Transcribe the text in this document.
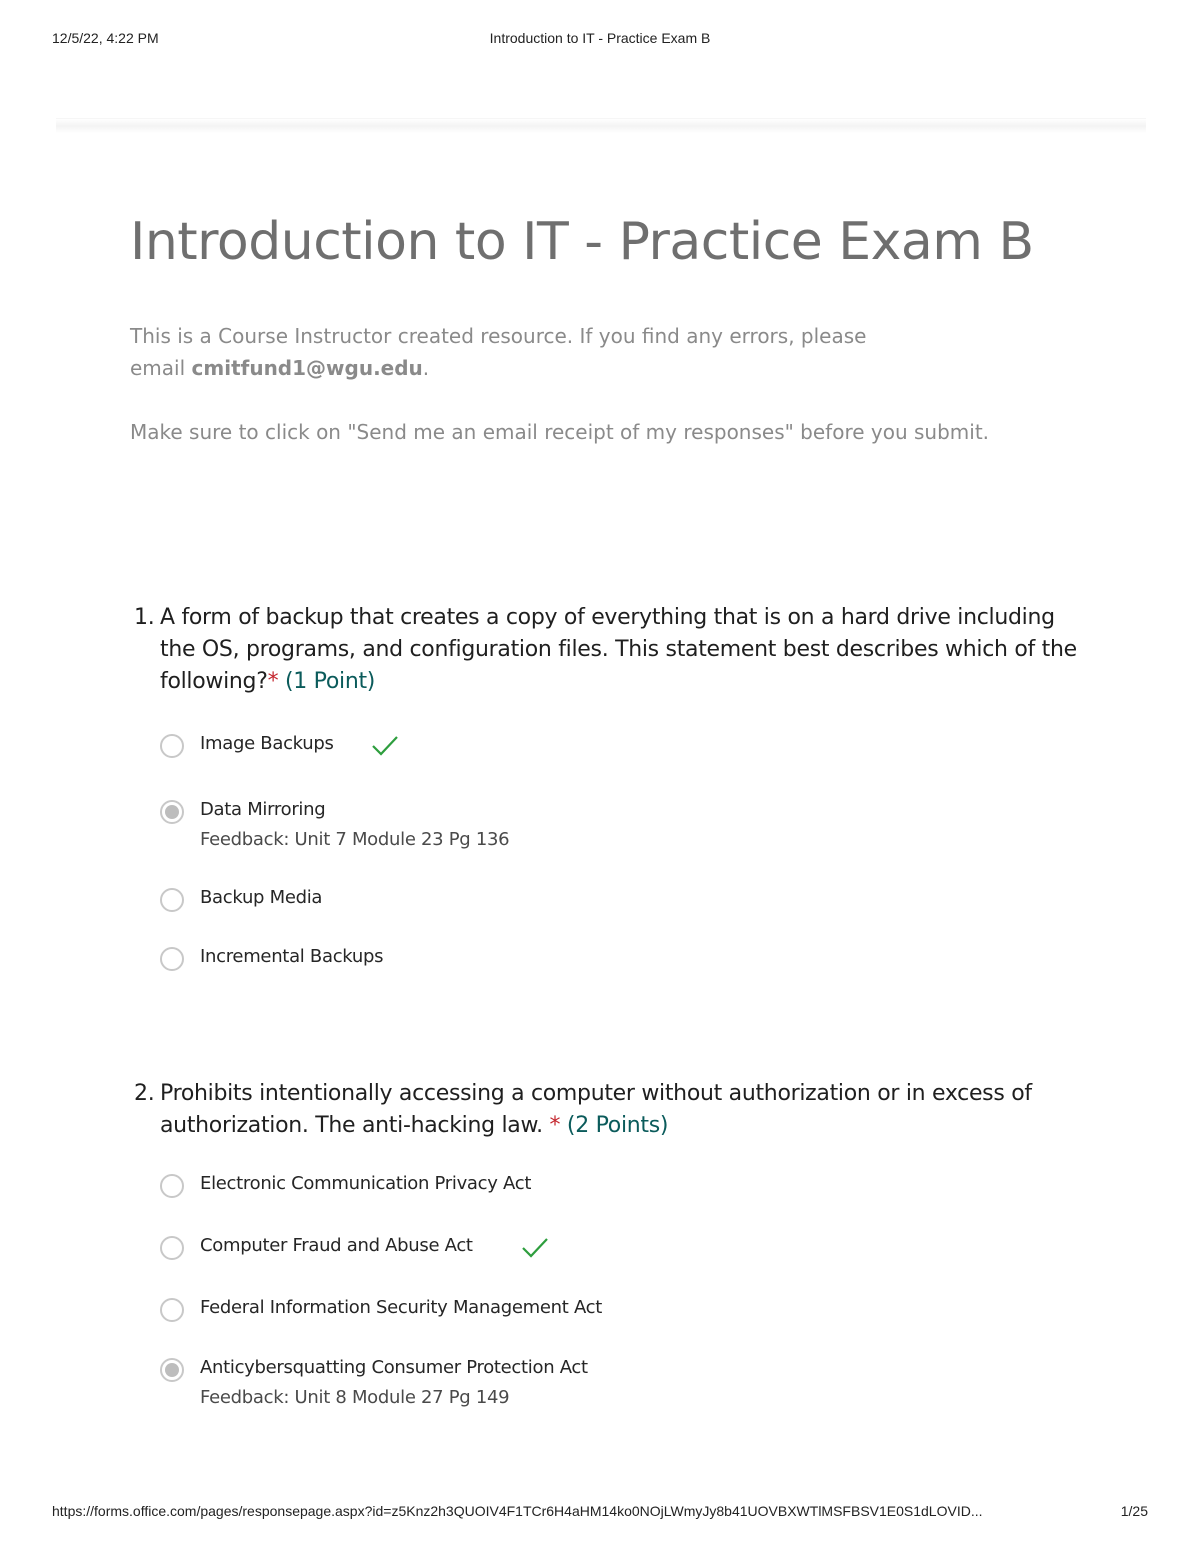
12/5/22, 4:22 PM	Introduction to IT - Practice Exam B
Introduction to IT - Practice Exam B

This is a Course Instructor created resource. If you find any errors, please
email cmitfund1@wgu.edu.

Make sure to click on "Send me an email receipt of my responses" before you submit.

1. A form of backup that creates a copy of everything that is on a hard drive including the OS, programs, and configuration files. This statement best describes which of the following?* (1 Point)
Image Backups
Data Mirroring
Feedback: Unit 7 Module 23 Pg 136
Backup Media
Incremental Backups
2. Prohibits intentionally accessing a computer without authorization or in excess of authorization. The anti-hacking law. * (2 Points)
Electronic Communication Privacy Act
Computer Fraud and Abuse Act
Federal Information Security Management Act
Anticybersquatting Consumer Protection Act
Feedback: Unit 8 Module 27 Pg 149
https://forms.office.com/pages/responsepage.aspx?id=z5Knz2h3QUOIV4F1TCr6H4aHM14ko0NOjLWmyJy8b41UOVBXWTlMSFBSV1E0S1dLOVID...	1/25
